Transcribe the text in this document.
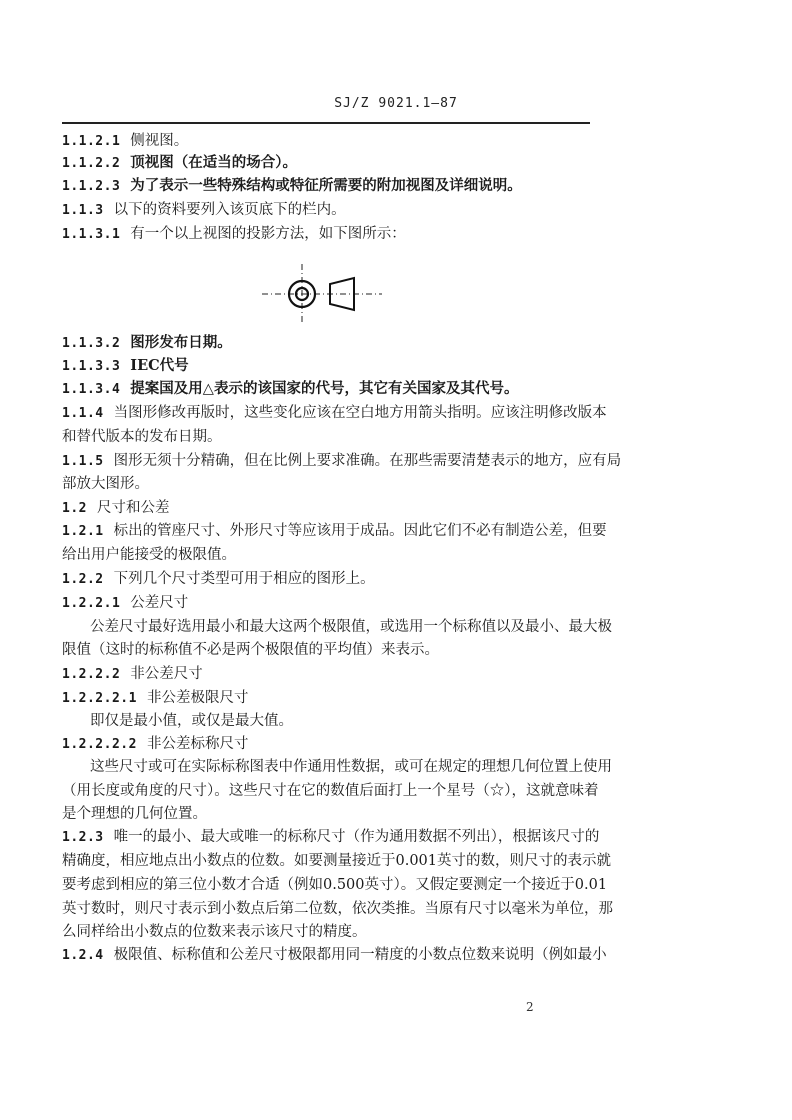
SJ/Z 9021.1—87
1.1.2.1 侧视图。
1.1.2.2 顶视图（在适当的场合）。
1.1.2.3 为了表示一些特殊结构或特征所需要的附加视图及详细说明。
1.1.3 以下的资料要列入该页底下的栏内。
1.1.3.1 有一个以上视图的投影方法，如下图所示：
1.1.3.2 图形发布日期。
1.1.3.3 IEC代号
1.1.3.4 提案国及用△表示的该国家的代号，其它有关国家及其代号。
1.1.4 当图形修改再版时，这些变化应该在空白地方用箭头指明。应该注明修改版本
和替代版本的发布日期。
1.1.5 图形无须十分精确，但在比例上要求准确。在那些需要清楚表示的地方，应有局
部放大图形。
1.2 尺寸和公差
1.2.1 标出的管座尺寸、外形尺寸等应该用于成品。因此它们不必有制造公差，但要
给出用户能接受的极限值。
1.2.2 下列几个尺寸类型可用于相应的图形上。
1.2.2.1 公差尺寸
公差尺寸最好选用最小和最大这两个极限值，或选用一个标称值以及最小、最大极
限值（这时的标称值不必是两个极限值的平均值）来表示。
1.2.2.2 非公差尺寸
1.2.2.2.1 非公差极限尺寸
即仅是最小值，或仅是最大值。
1.2.2.2.2 非公差标称尺寸
这些尺寸或可在实际标称图表中作通用性数据，或可在规定的理想几何位置上使用
（用长度或角度的尺寸）。这些尺寸在它的数值后面打上一个星号（☆），这就意味着
是个理想的几何位置。
1.2.3 唯一的最小、最大或唯一的标称尺寸（作为通用数据不列出），根据该尺寸的
精确度，相应地点出小数点的位数。如要测量接近于0.001英寸的数，则尺寸的表示就
要考虑到相应的第三位小数才合适（例如0.500英寸）。又假定要测定一个接近于0.01
英寸数时，则尺寸表示到小数点后第二位数，依次类推。当原有尺寸以毫米为单位，那
么同样给出小数点的位数来表示该尺寸的精度。
1.2.4 极限值、标称值和公差尺寸极限都用同一精度的小数点位数来说明（例如最小
2
